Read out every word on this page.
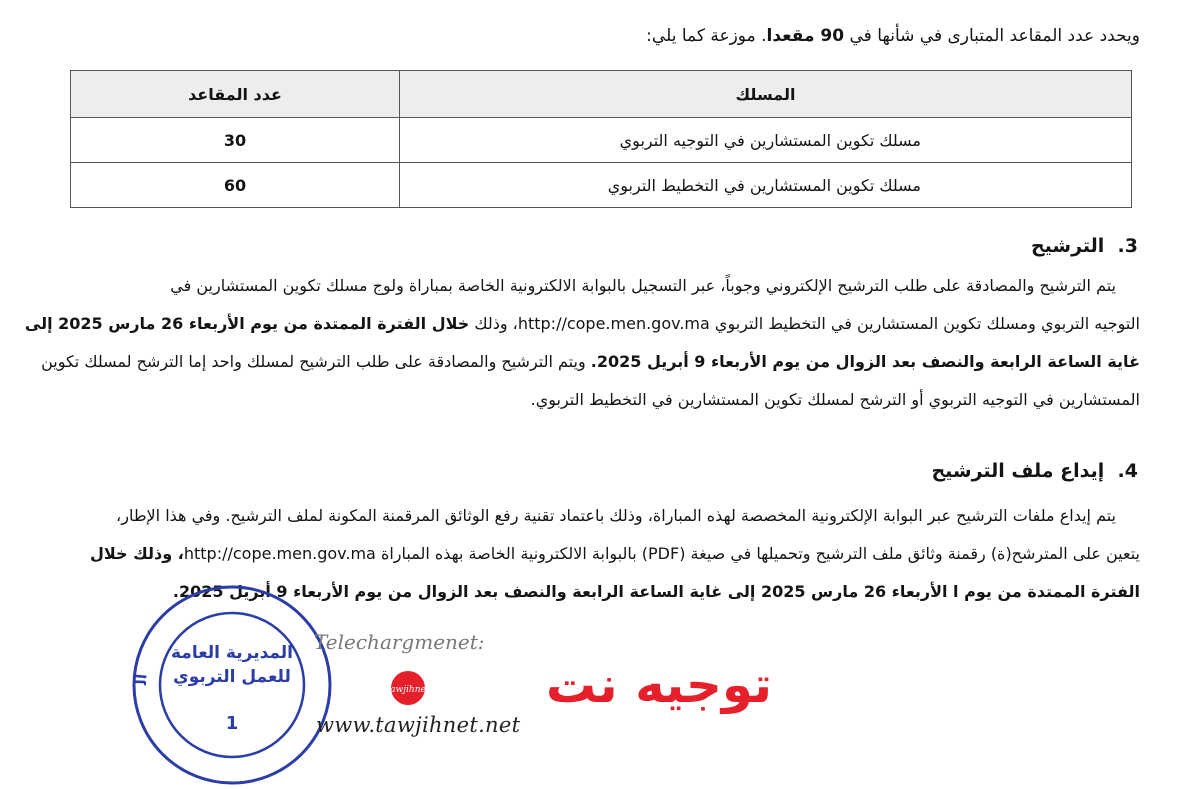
ويحدد عدد المقاعد المتبارى في شأنها في 90 مقعدا. موزعة كما يلي:
المسلك	عدد المقاعد
مسلك تكوين المستشارين في التوجيه التربوي	30
مسلك تكوين المستشارين في التخطيط التربوي	60
3.  الترشيح
يتم الترشيح والمصادقة على طلب الترشيح الإلكتروني وجوباً، عبر التسجيل بالبوابة الالكترونية الخاصة بمباراة ولوج مسلك تكوين المستشارين في
التوجيه التربوي ومسلك تكوين المستشارين في التخطيط التربوي http://cope.men.gov.ma، وذلك خلال الفترة الممتدة من يوم الأربعاء 26 مارس 2025 إلى
غاية الساعة الرابعة والنصف بعد الزوال من يوم الأربعاء 9 أبريل 2025. ويتم الترشيح والمصادقة على طلب الترشيح لمسلك واحد إما الترشح لمسلك تكوين
المستشارين في التوجيه التربوي أو الترشح لمسلك تكوين المستشارين في التخطيط التربوي.
4.  إيداع ملف الترشيح
يتم إيداع ملفات الترشيح عبر البوابة الإلكترونية المخصصة لهذه المباراة، وذلك باعتماد تقنية رفع الوثائق المرقمنة المكونة لملف الترشيح. وفي هذا الإطار،
يتعين على المترشح(ة) رقمنة وثائق ملف الترشيح وتحميلها في صيغة (PDF) بالبوابة الالكترونية الخاصة بهذه المباراة http://cope.men.gov.ma، وذلك خلال
الفترة الممتدة من يوم ا الأربعاء 26 مارس 2025 إلى غاية الساعة الرابعة والنصف بعد الزوال من يوم الأربعاء 9 أبريل 2025.
ال
المديرية العامة
للعمل التربوي
1
Telechargmenet:
توجيه نت
tawjihnet
www.tawjihnet.net
